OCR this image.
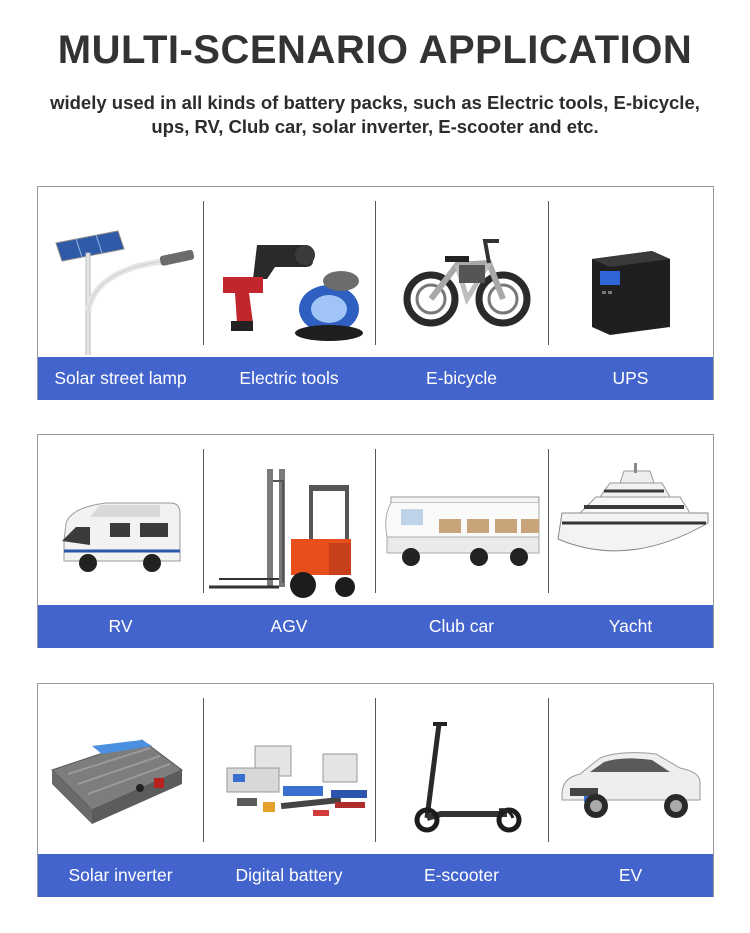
MULTI-SCENARIO APPLICATION
widely used in all kinds of battery packs, such as Electric tools, E-bicycle,
ups, RV, Club car, solar inverter, E-scooter and etc.
Solar street lamp	Electric tools	E-bicycle	UPS
RV	AGV	Club car	Yacht
Solar inverter	Digital battery	E-scooter	EV
